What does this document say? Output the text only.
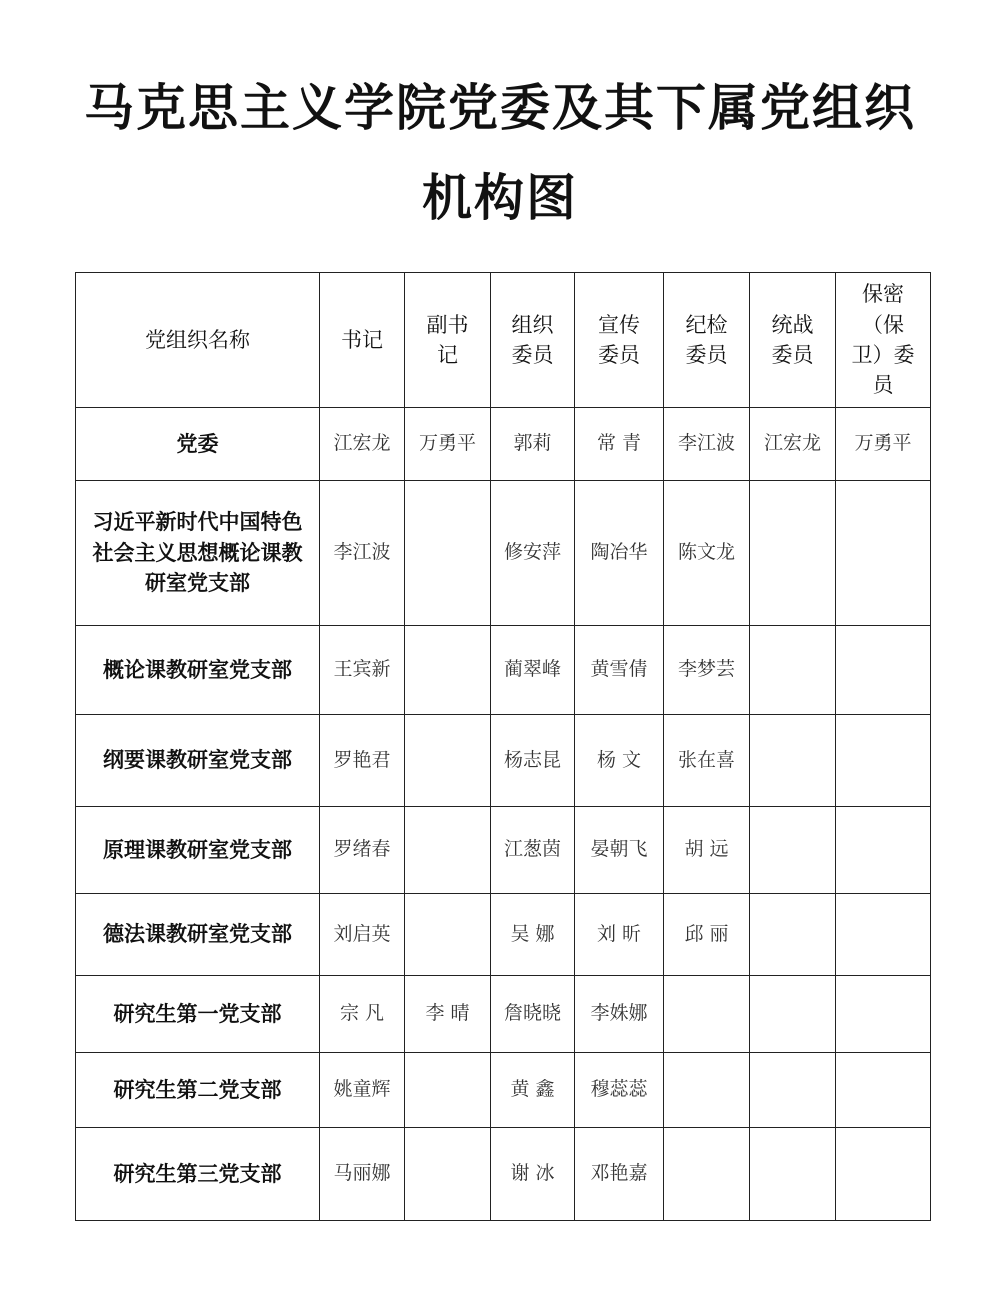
马克思主义学院党委及其下属党组织
机构图
党组织名称	书记	副书记	组织委员	宣传委员	纪检委员	统战委员	保密（保卫）委员
党委	江宏龙	万勇平	郭莉	常 青	李江波	江宏龙	万勇平
习近平新时代中国特色社会主义思想概论课教研室党支部	李江波		修安萍	陶冶华	陈文龙		
概论课教研室党支部	王宾新		蔺翠峰	黄雪倩	李梦芸		
纲要课教研室党支部	罗艳君		杨志昆	杨 文	张在喜		
原理课教研室党支部	罗绪春		江葱茵	晏朝飞	胡 远		
德法课教研室党支部	刘启英		吴 娜	刘 昕	邱 丽		
研究生第一党支部	宗 凡	李 晴	詹晓晓	李姝娜			
研究生第二党支部	姚童辉		黄 鑫	穆蕊蕊			
研究生第三党支部	马丽娜		谢 冰	邓艳嘉			
